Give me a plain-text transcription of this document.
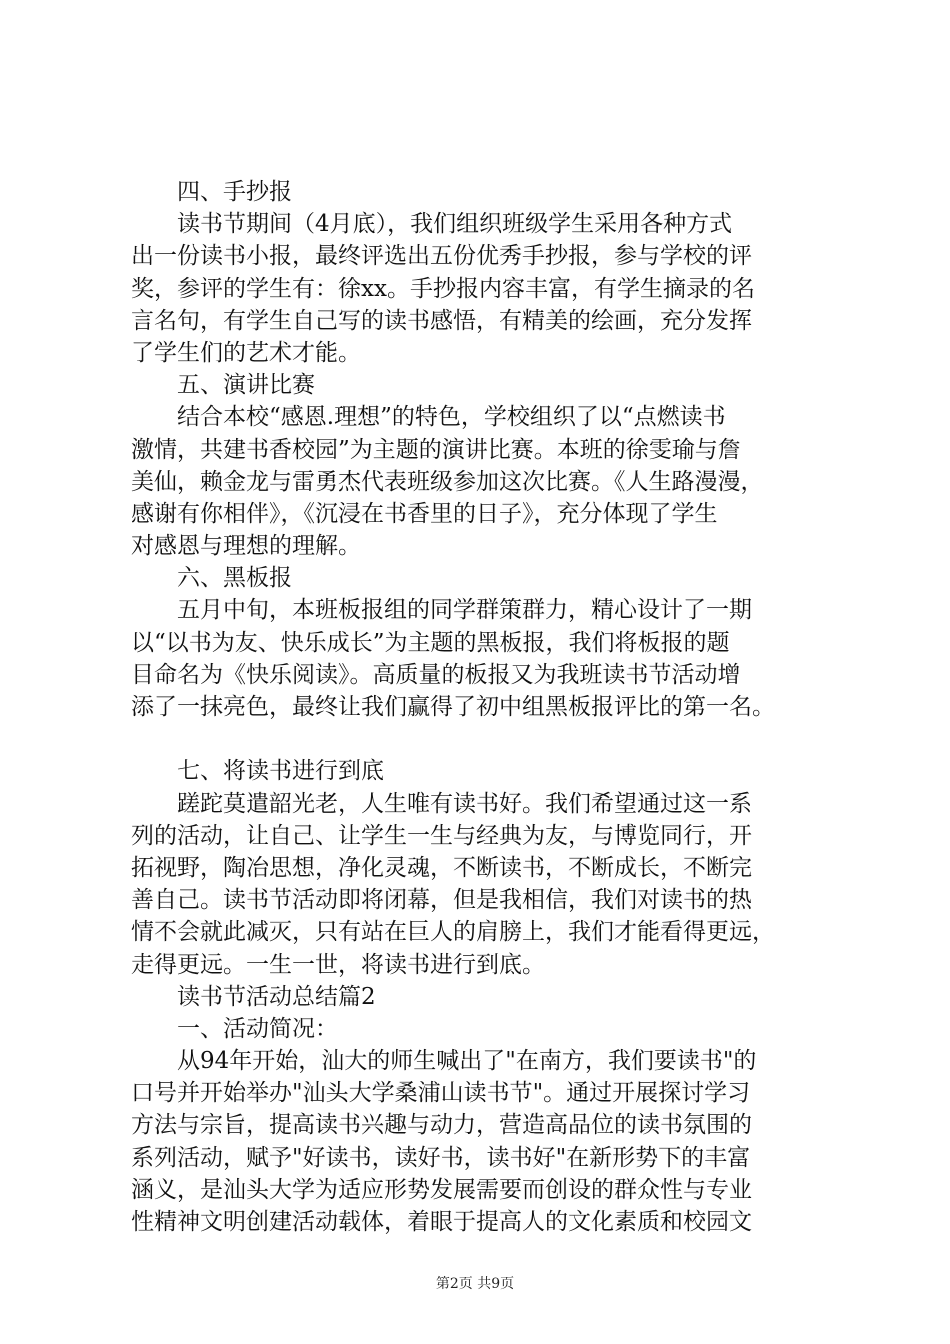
四、手抄报
读书节期间（4月底），我们组织班级学生采用各种方式
出一份读书小报，最终评选出五份优秀手抄报，参与学校的评
奖，参评的学生有：徐xx。手抄报内容丰富，有学生摘录的名
言名句，有学生自己写的读书感悟，有精美的绘画，充分发挥
了学生们的艺术才能。
五、演讲比赛
结合本校“感恩.理想”的特色，学校组织了以“点燃读书
激情，共建书香校园”为主题的演讲比赛。本班的徐雯瑜与詹
美仙，赖金龙与雷勇杰代表班级参加这次比赛。《人生路漫漫，
感谢有你相伴》，《沉浸在书香里的日子》，充分体现了学生
对感恩与理想的理解。
六、黑板报
五月中旬，本班板报组的同学群策群力，精心设计了一期
以“以书为友、快乐成长”为主题的黑板报，我们将板报的题
目命名为《快乐阅读》。高质量的板报又为我班读书节活动增
添了一抹亮色，最终让我们赢得了初中组黑板报评比的第一名。
七、将读书进行到底
蹉跎莫遣韶光老，人生唯有读书好。我们希望通过这一系
列的活动，让自己、让学生一生与经典为友，与博览同行，开
拓视野，陶冶思想，净化灵魂，不断读书，不断成长，不断完
善自己。读书节活动即将闭幕，但是我相信，我们对读书的热
情不会就此减灭，只有站在巨人的肩膀上，我们才能看得更远，
走得更远。一生一世，将读书进行到底。
读书节活动总结篇2
一、活动简况：
从94年开始，汕大的师生喊出了"在南方，我们要读书"的
口号并开始举办"汕头大学桑浦山读书节"。通过开展探讨学习
方法与宗旨，提高读书兴趣与动力，营造高品位的读书氛围的
系列活动，赋予"好读书，读好书，读书好"在新形势下的丰富
涵义，是汕头大学为适应形势发展需要而创设的群众性与专业
性精神文明创建活动载体，着眼于提高人的文化素质和校园文
第2页 共9页
